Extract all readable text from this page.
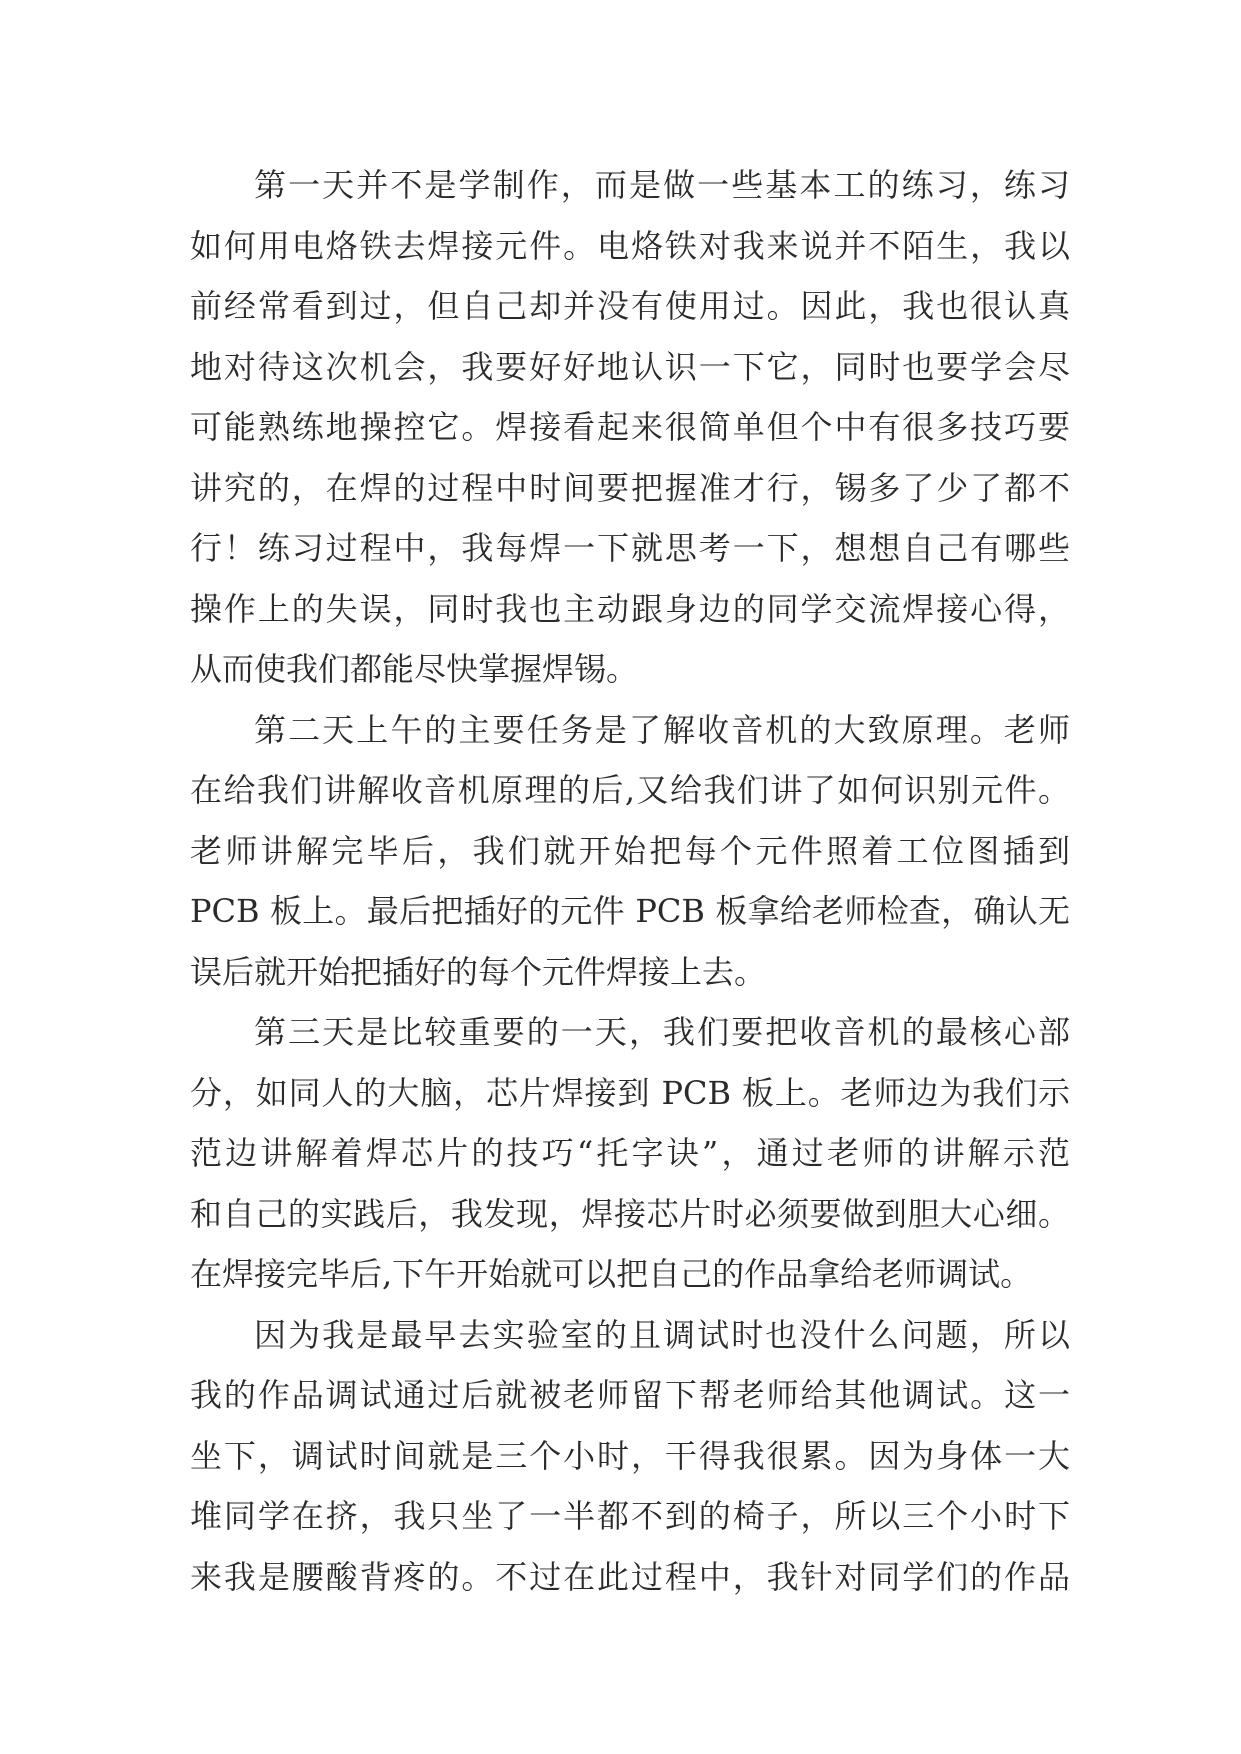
第一天并不是学制作，而是做一些基本工的练习，练习
如何用电烙铁去焊接元件。电烙铁对我来说并不陌生，我以
前经常看到过，但自己却并没有使用过。因此，我也很认真
地对待这次机会，我要好好地认识一下它，同时也要学会尽
可能熟练地操控它。焊接看起来很简单但个中有很多技巧要
讲究的，在焊的过程中时间要把握准才行，锡多了少了都不
行！练习过程中，我每焊一下就思考一下，想想自己有哪些
操作上的失误，同时我也主动跟身边的同学交流焊接心得，
从而使我们都能尽快掌握焊锡。
第二天上午的主要任务是了解收音机的大致原理。老师
在给我们讲解收音机原理的后,又给我们讲了如何识别元件。
老师讲解完毕后，我们就开始把每个元件照着工位图插到
PCB 板上。最后把插好的元件 PCB 板拿给老师检查，确认无
误后就开始把插好的每个元件焊接上去。
第三天是比较重要的一天，我们要把收音机的最核心部
分，如同人的大脑，芯片焊接到 PCB 板上。老师边为我们示
范边讲解着焊芯片的技巧“托字诀”，通过老师的讲解示范
和自己的实践后，我发现，焊接芯片时必须要做到胆大心细。
在焊接完毕后,下午开始就可以把自己的作品拿给老师调试。
因为我是最早去实验室的且调试时也没什么问题，所以
我的作品调试通过后就被老师留下帮老师给其他调试。这一
坐下，调试时间就是三个小时，干得我很累。因为身体一大
堆同学在挤，我只坐了一半都不到的椅子，所以三个小时下
来我是腰酸背疼的。不过在此过程中，我针对同学们的作品
